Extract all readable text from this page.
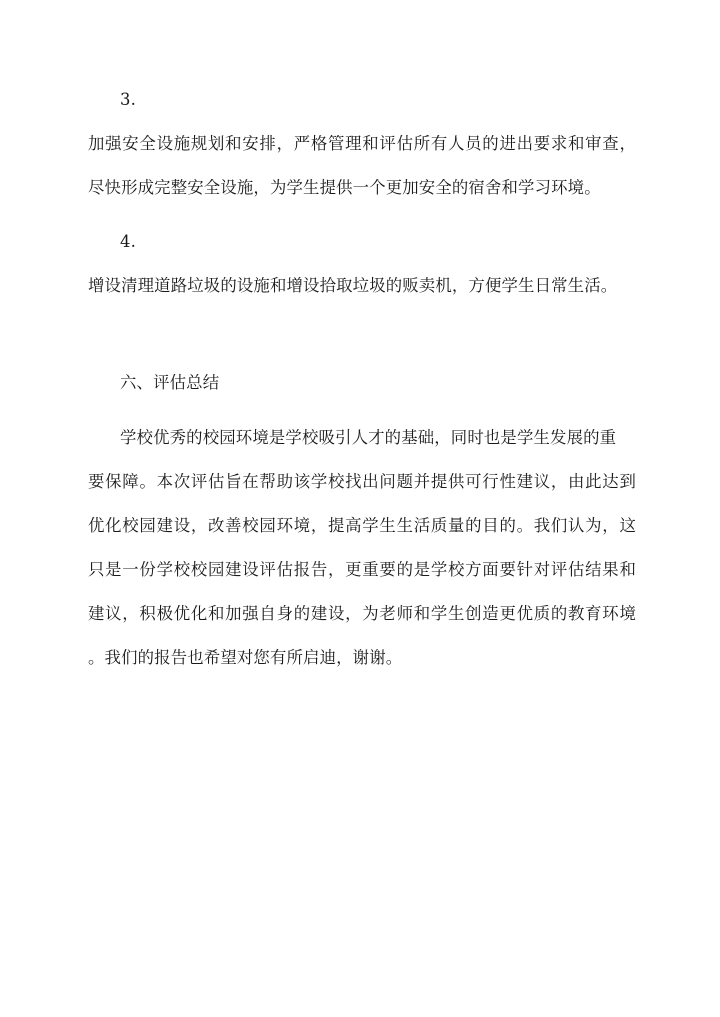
3.
加强安全设施规划和安排，严格管理和评估所有人员的进出要求和审查，
尽快形成完整安全设施，为学生提供一个更加安全的宿舍和学习环境。
4.
增设清理道路垃圾的设施和增设拾取垃圾的贩卖机，方便学生日常生活。
六、评估总结
学校优秀的校园环境是学校吸引人才的基础，同时也是学生发展的重
要保障。本次评估旨在帮助该学校找出问题并提供可行性建议，由此达到
优化校园建设，改善校园环境，提高学生生活质量的目的。我们认为，这
只是一份学校校园建设评估报告，更重要的是学校方面要针对评估结果和
建议，积极优化和加强自身的建设，为老师和学生创造更优质的教育环境
。我们的报告也希望对您有所启迪，谢谢。
